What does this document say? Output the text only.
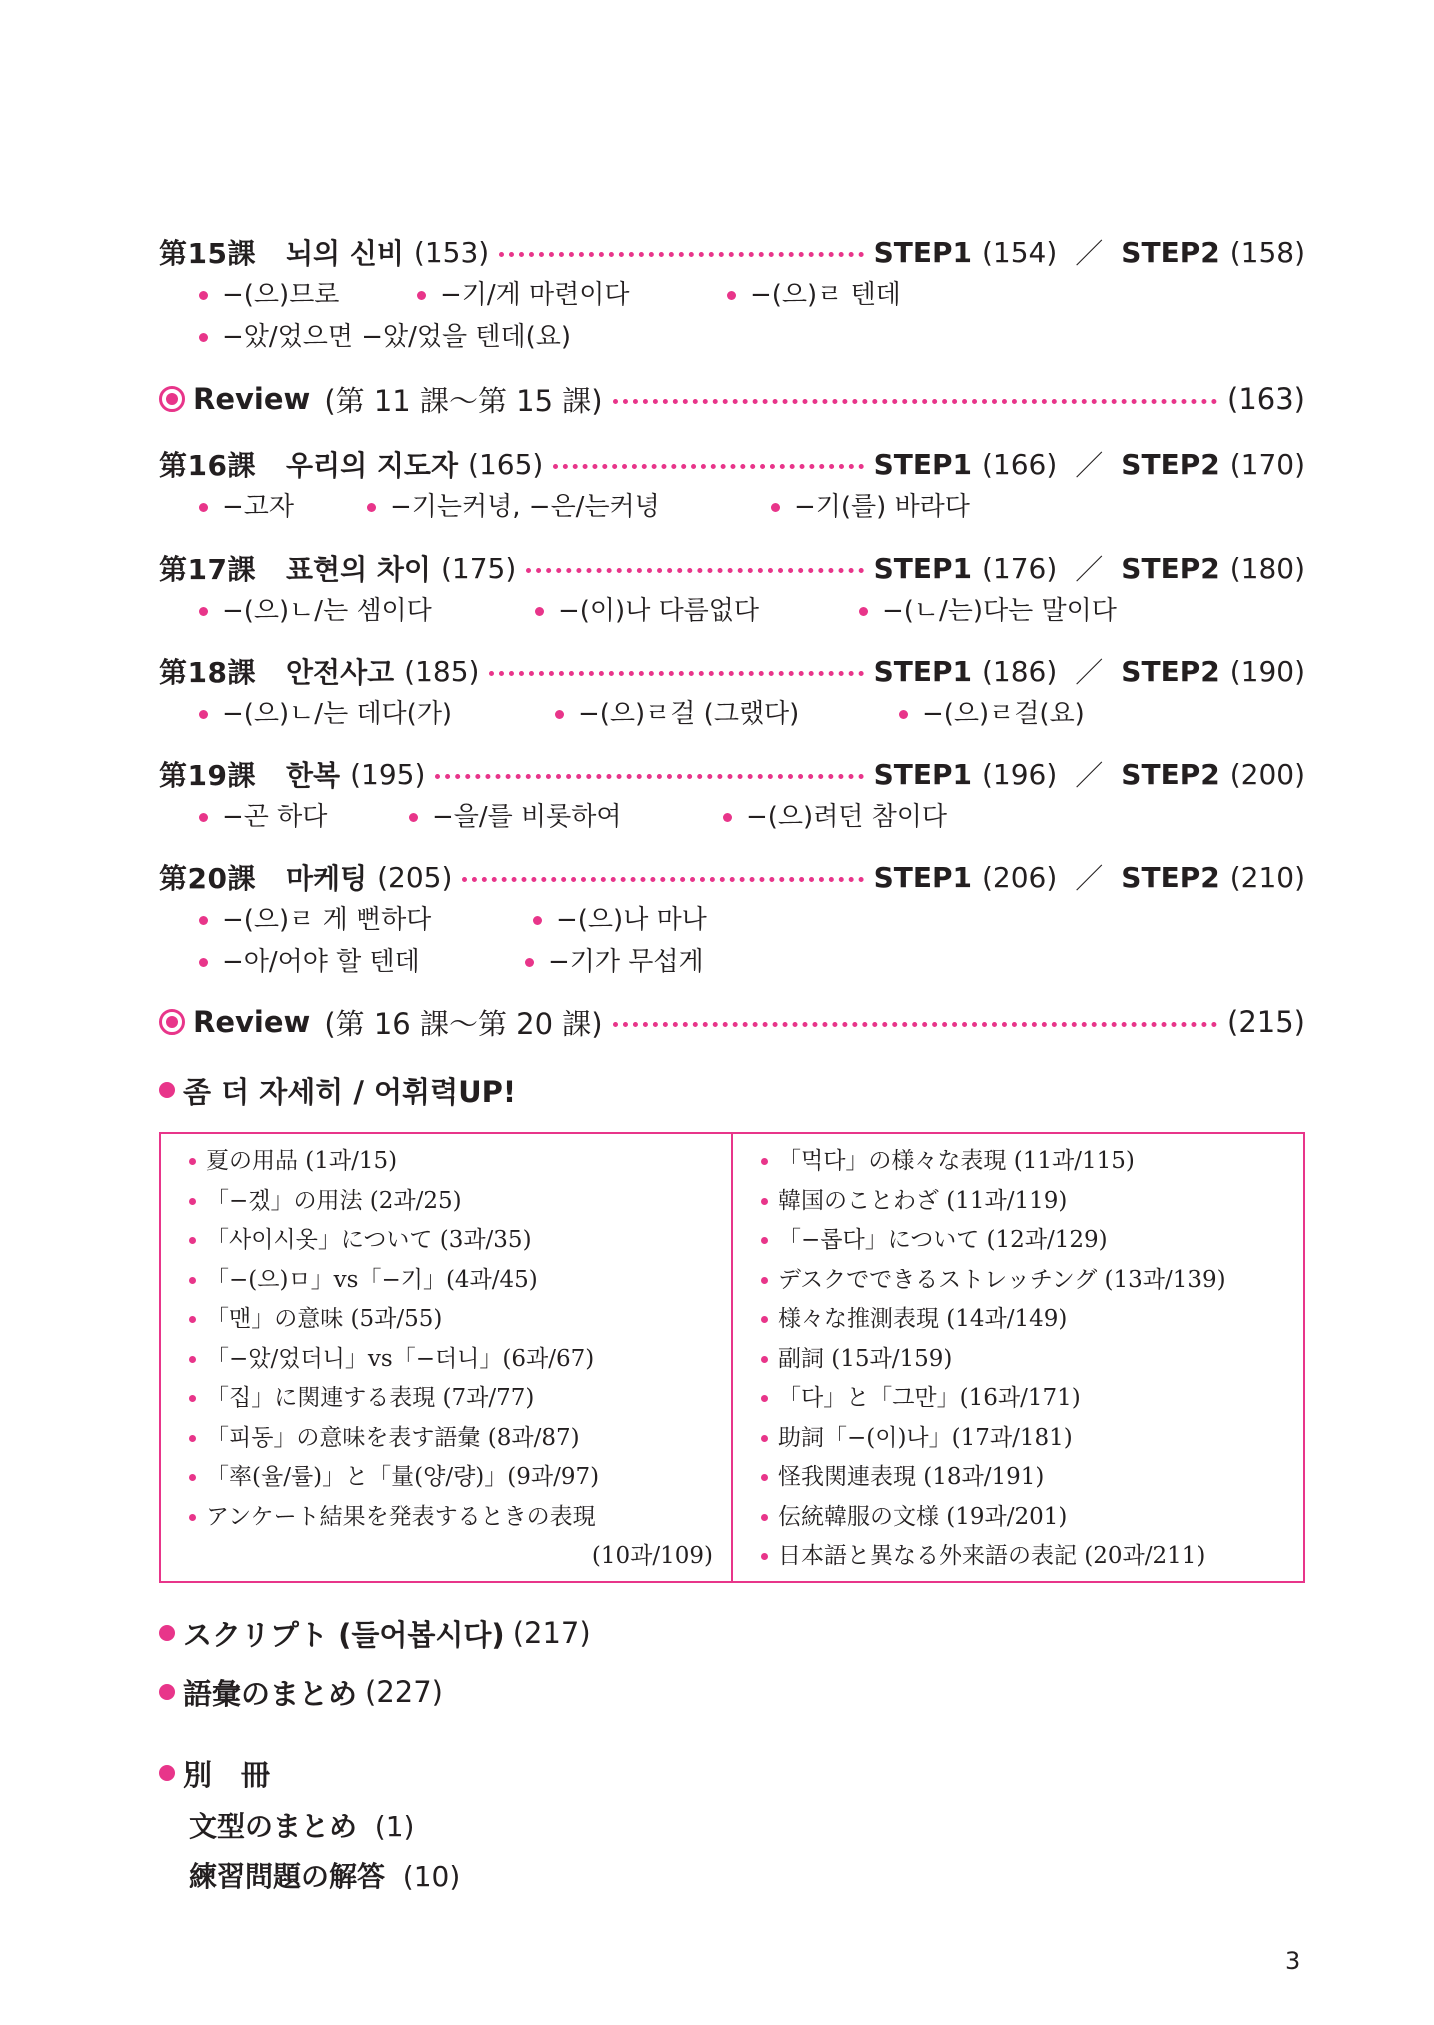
第15課 뇌의 신비 (153)	STEP1 (154) ／ STEP2 (158)
−(으)므로	−기/게 마련이다	−(으)ㄹ 텐데
−았/었으면 −았/었을 텐데(요)
Review (第 11 課〜第 15 課)	(163)
第16課 우리의 지도자 (165)	STEP1 (166) ／ STEP2 (170)
−고자	−기는커녕, −은/는커녕	−기(를) 바라다
第17課 표현의 차이 (175)	STEP1 (176) ／ STEP2 (180)
−(으)ㄴ/는 셈이다	−(이)나 다름없다	−(ㄴ/는)다는 말이다
第18課 안전사고 (185)	STEP1 (186) ／ STEP2 (190)
−(으)ㄴ/는 데다(가)	−(으)ㄹ걸 (그랬다)	−(으)ㄹ걸(요)
第19課 한복 (195)	STEP1 (196) ／ STEP2 (200)
−곤 하다	−을/를 비롯하여	−(으)려던 참이다
第20課 마케팅 (205)	STEP1 (206) ／ STEP2 (210)
−(으)ㄹ 게 뻔하다	−(으)나 마나
−아/어야 할 텐데	−기가 무섭게
Review (第 16 課〜第 20 課)	(215)
좀 더 자세히 / 어휘력UP!
夏の用品 (1과/15)
「−겠」の用法 (2과/25)
「사이시옷」について (3과/35)
「−(으)ㅁ」vs「−기」(4과/45)
「맨」の意味 (5과/55)
「−았/었더니」vs「−더니」(6과/67)
「집」に関連する表現 (7과/77)
「피동」の意味を表す語彙 (8과/87)
「率(율/률)」と「量(양/량)」(9과/97)
アンケート結果を発表するときの表現
(10과/109)
「먹다」の様々な表現 (11과/115)
韓国のことわざ (11과/119)
「−롭다」について (12과/129)
デスクでできるストレッチング (13과/139)
様々な推測表現 (14과/149)
副詞 (15과/159)
「다」と「그만」(16과/171)
助詞「−(이)나」(17과/181)
怪我関連表現 (18과/191)
伝統韓服の文様 (19과/201)
日本語と異なる外来語の表記 (20과/211)
スクリプト (들어봅시다) (217)
語彙のまとめ (227)
別　冊
文型のまとめ (1)
練習問題の解答 (10)
3
